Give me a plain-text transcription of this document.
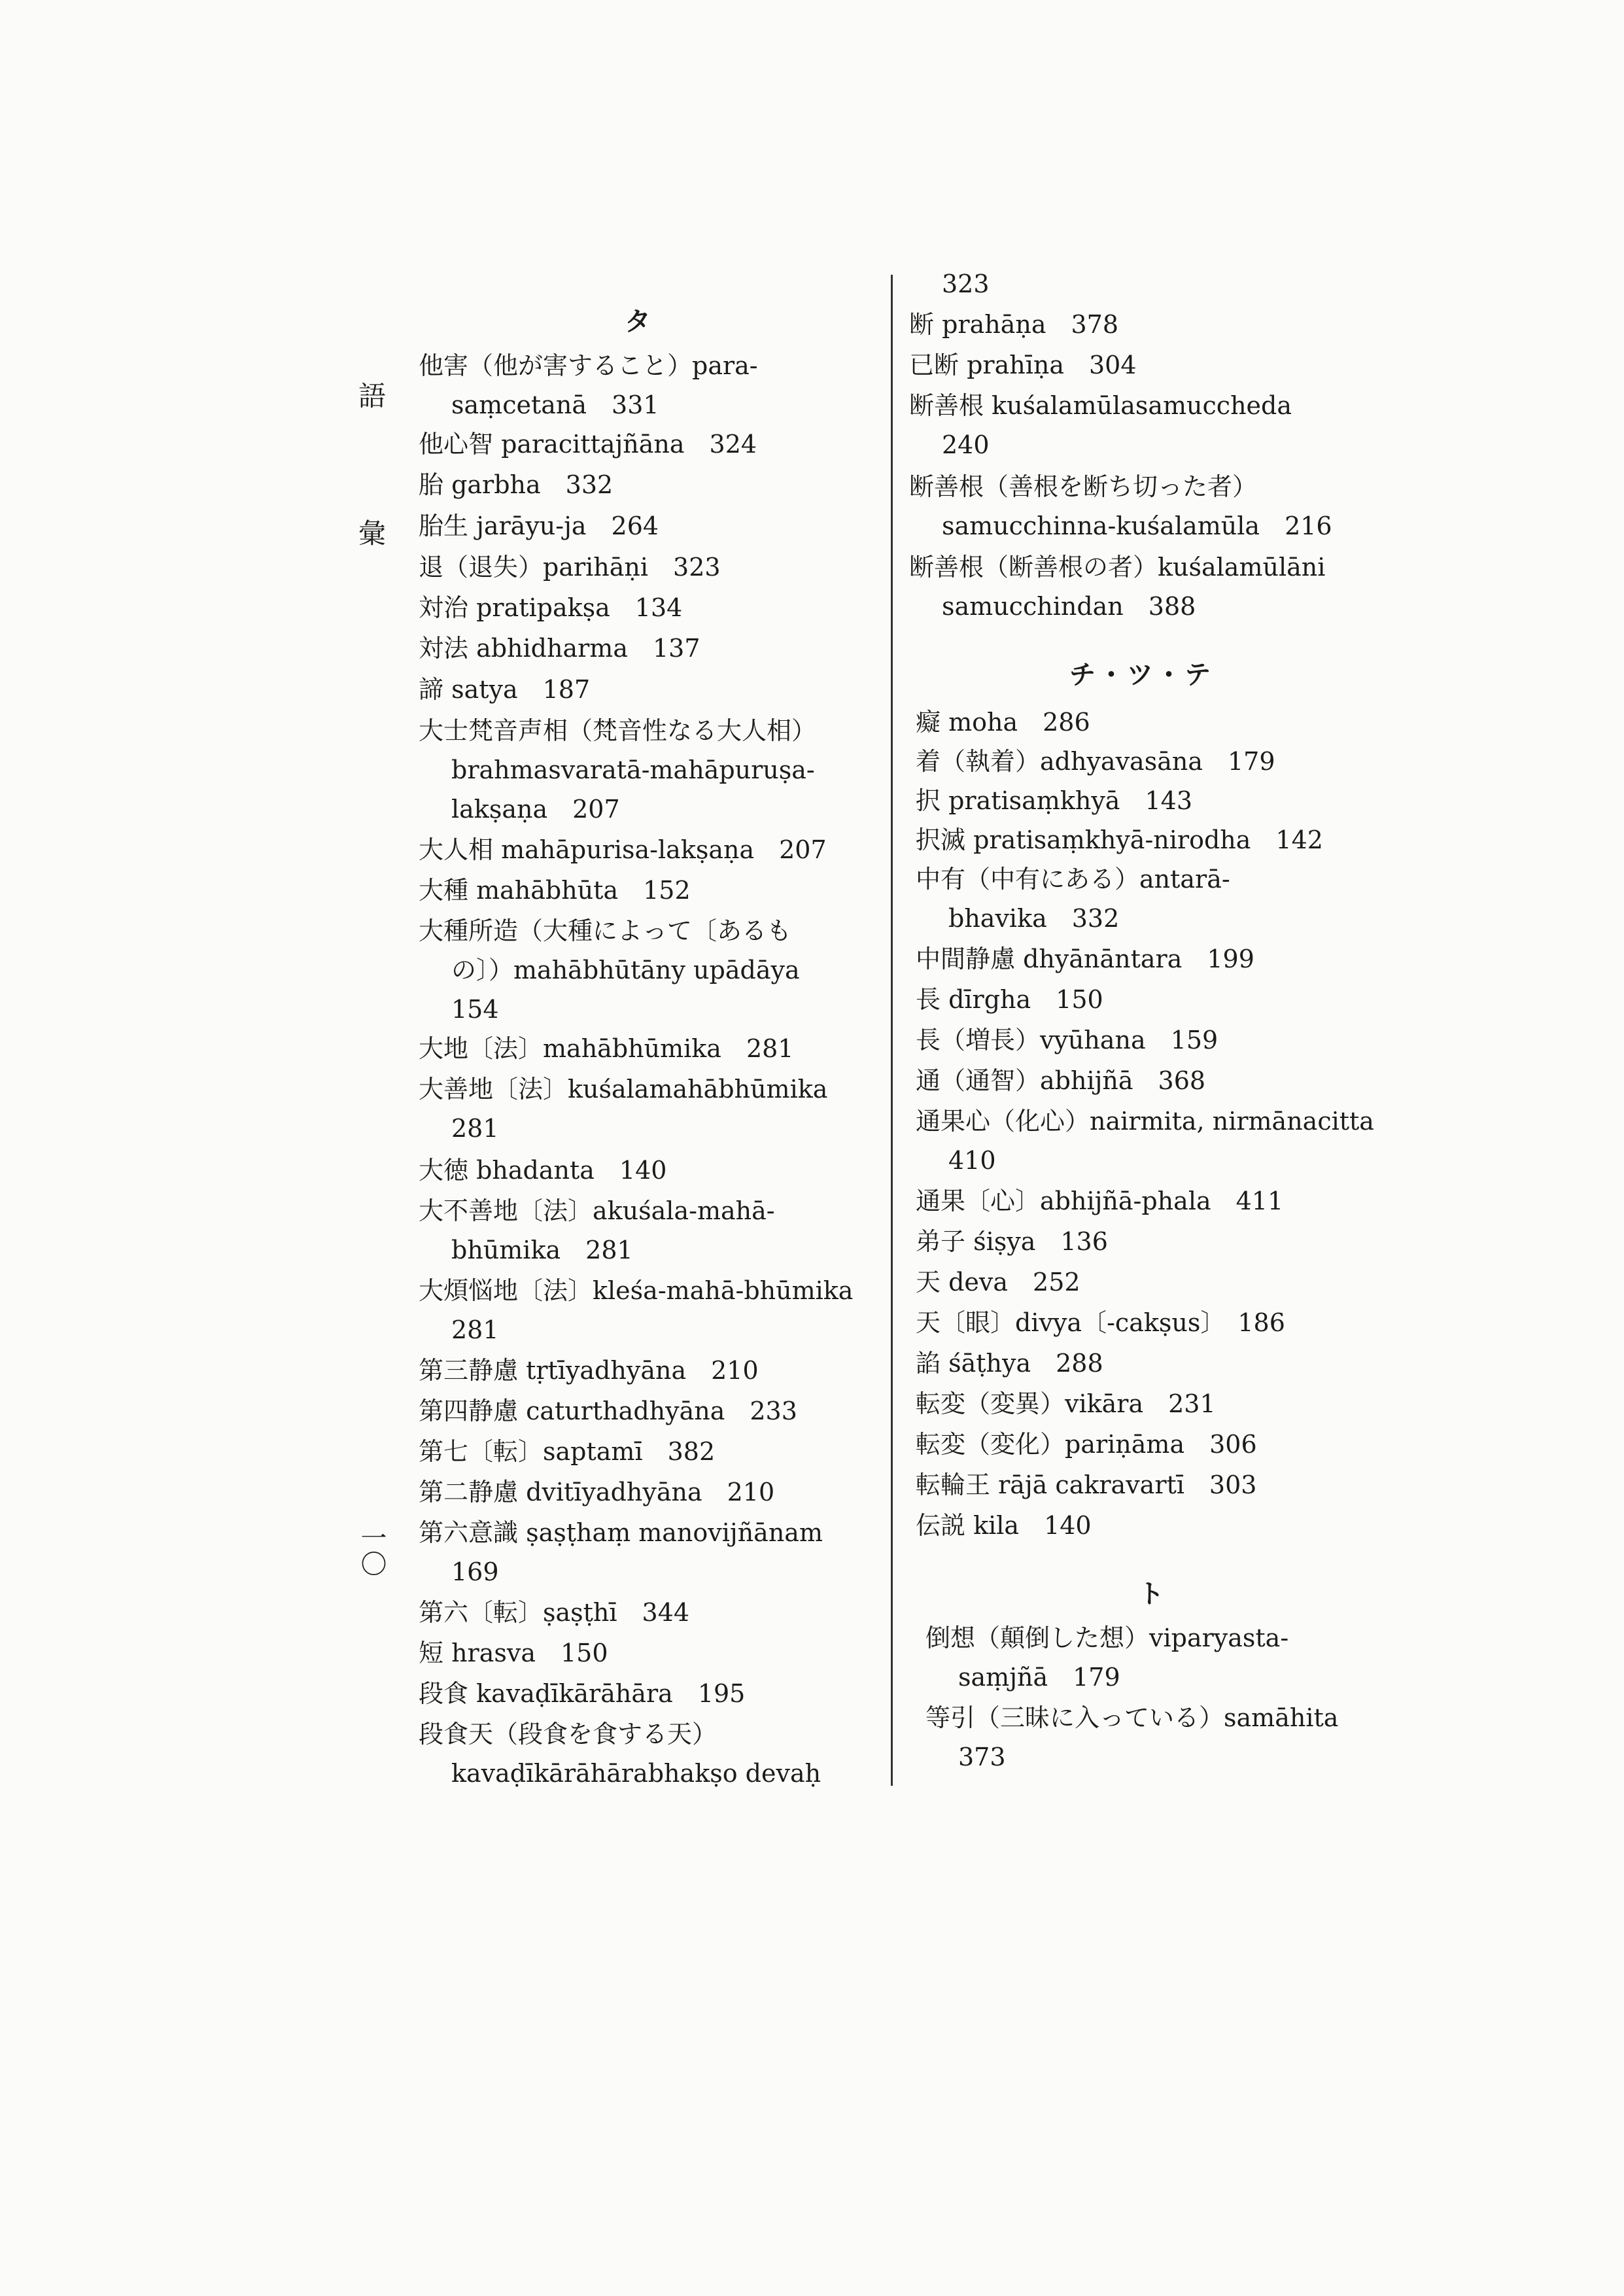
語
彙
一〇
タ
他害（他が害すること）para-
saṃcetanā　331
他心智 paracittajñāna　324
胎 garbha　332
胎生 jarāyu-ja　264
退（退失）parihāṇi　323
対治 pratipakṣa　134
対法 abhidharma　137
諦 satya　187
大士梵音声相（梵音性なる大人相）
brahmasvaratā-mahāpuruṣa-
lakṣaṇa　207
大人相 mahāpurisa-lakṣaṇa　207
大種 mahābhūta　152
大種所造（大種によって〔あるも
の〕）mahābhūtāny upādāya
154
大地〔法〕mahābhūmika　281
大善地〔法〕kuśalamahābhūmika
281
大徳 bhadanta　140
大不善地〔法〕akuśala-mahā-
bhūmika　281
大煩悩地〔法〕kleśa-mahā-bhūmika
281
第三静慮 tṛtīyadhyāna　210
第四静慮 caturthadhyāna　233
第七〔転〕saptamī　382
第二静慮 dvitīyadhyāna　210
第六意識 ṣaṣṭhaṃ manovijñānam
169
第六〔転〕ṣaṣṭhī　344
短 hrasva　150
段食 kavaḍīkārāhāra　195
段食天（段食を食する天）
kavaḍīkārāhārabhakṣo devaḥ
323
断 prahāṇa　378
已断 prahīṇa　304
断善根 kuśalamūlasamuccheda
240
断善根（善根を断ち切った者）
samucchinna-kuśalamūla　216
断善根（断善根の者）kuśalamūlāni
samucchindan　388
チ・ツ・テ
癡 moha　286
着（執着）adhyavasāna　179
択 pratisaṃkhyā　143
択滅 pratisaṃkhyā-nirodha　142
中有（中有にある）antarā-
bhavika　332
中間静慮 dhyānāntara　199
長 dīrgha　150
長（増長）vyūhana　159
通（通智）abhijñā　368
通果心（化心）nairmita, nirmānacitta
410
通果〔心〕abhijñā-phala　411
弟子 śiṣya　136
天 deva　252
天〔眼〕divya〔-cakṣus〕　186
諂 śāṭhya　288
転変（変異）vikāra　231
転変（変化）pariṇāma　306
転輪王 rājā cakravartī　303
伝説 kila　140
ト
倒想（顛倒した想）viparyasta-
saṃjñā　179
等引（三昧に入っている）samāhita
373
